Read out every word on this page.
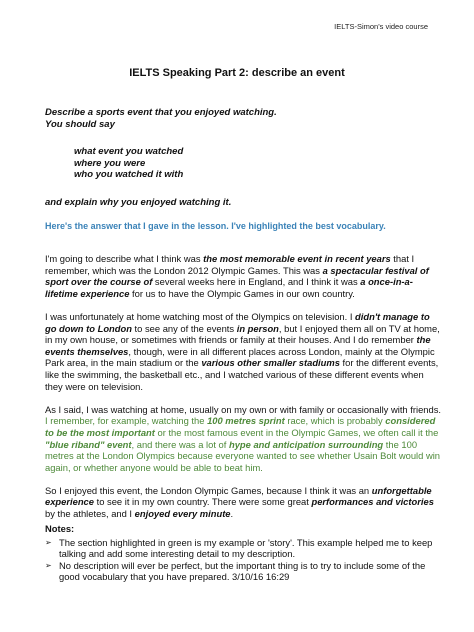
IELTS-Simon's video course
IELTS Speaking Part 2: describe an event

Describe a sports event that you enjoyed watching.
You should say

what event you watched
where you were
who you watched it with

and explain why you enjoyed watching it.

Here's the answer that I gave in the lesson. I've highlighted the best vocabulary.

I'm going to describe what I think was the most memorable event in recent years that I remember, which was the London 2012 Olympic Games. This was a spectacular festival of sport over the course of several weeks here in England, and I think it was a once-in-a-lifetime experience for us to have the Olympic Games in our own country.

I was unfortunately at home watching most of the Olympics on television. I didn't manage to go down to London to see any of the events in person, but I enjoyed them all on TV at home, in my own house, or sometimes with friends or family at their houses. And I do remember the events themselves, though, were in all different places across London, mainly at the Olympic Park area, in the main stadium or the various other smaller stadiums for the different events, like the swimming, the basketball etc., and I watched various of these different events when they were on television.

As I said, I was watching at home, usually on my own or with family or occasionally with friends. I remember, for example, watching the 100 metres sprint race, which is probably considered to be the most important or the most famous event in the Olympic Games, we often call it the "blue riband" event, and there was a lot of hype and anticipation surrounding the 100 metres at the London Olympics because everyone wanted to see whether Usain Bolt would win again, or whether anyone would be able to beat him.

So I enjoyed this event, the London Olympic Games, because I think it was an unforgettable experience to see it in my own country. There were some great performances and victories by the athletes, and I enjoyed every minute.

Notes:
➢ The section highlighted in green is my example or 'story'. This example helped me to keep talking and add some interesting detail to my description.
➢ No description will ever be perfect, but the important thing is to try to include some of the good vocabulary that you have prepared. 3/10/16 16:29
